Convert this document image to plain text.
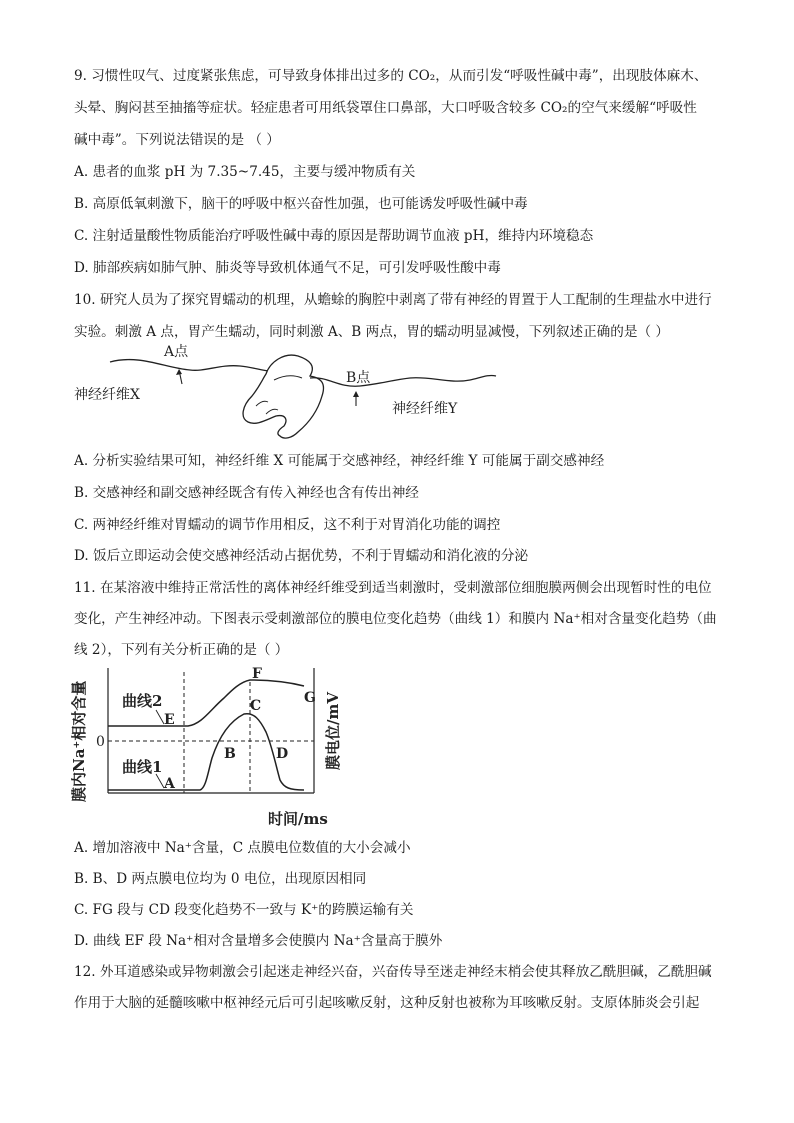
9. 习惯性叹气、过度紧张焦虑，可导致身体排出过多的 CO₂，从而引发“呼吸性碱中毒”，出现肢体麻木、
头晕、胸闷甚至抽搐等症状。轻症患者可用纸袋罩住口鼻部，大口呼吸含较多 CO₂的空气来缓解“呼吸性
碱中毒”。下列说法错误的是 （ ）
A. 患者的血浆 pH 为 7.35~7.45，主要与缓冲物质有关
B. 高原低氧刺激下，脑干的呼吸中枢兴奋性加强，也可能诱发呼吸性碱中毒
C. 注射适量酸性物质能治疗呼吸性碱中毒的原因是帮助调节血液 pH，维持内环境稳态
D. 肺部疾病如肺气肿、肺炎等导致机体通气不足，可引发呼吸性酸中毒
10. 研究人员为了探究胃蠕动的机理，从蟾蜍的胸腔中剥离了带有神经的胃置于人工配制的生理盐水中进行
实验。刺激 A 点，胃产生蠕动，同时刺激 A、B 两点，胃的蠕动明显减慢，下列叙述正确的是（ ）
A点
神经纤维X
B点
神经纤维Y
A. 分析实验结果可知，神经纤维 X 可能属于交感神经，神经纤维 Y 可能属于副交感神经
B. 交感神经和副交感神经既含有传入神经也含有传出神经
C. 两神经纤维对胃蠕动的调节作用相反，这不利于对胃消化功能的调控
D. 饭后立即运动会使交感神经活动占据优势，不利于胃蠕动和消化液的分泌
11. 在某溶液中维持正常活性的离体神经纤维受到适当刺激时，受刺激部位细胞膜两侧会出现暂时性的电位
变化，产生神经冲动。下图表示受刺激部位的膜电位变化趋势（曲线 1）和膜内 Na⁺相对含量变化趋势（曲
线 2），下列有关分析正确的是（ ）
0
曲线2
曲线1
A
B
C
D
E
F
G
膜内Na⁺相对含量	膜电位/mV
时间/ms
A. 增加溶液中 Na⁺含量，C 点膜电位数值的大小会减小
B. B、D 两点膜电位均为 0 电位，出现原因相同
C. FG 段与 CD 段变化趋势不一致与 K⁺的跨膜运输有关
D. 曲线 EF 段 Na⁺相对含量增多会使膜内 Na⁺含量高于膜外
12. 外耳道感染或异物刺激会引起迷走神经兴奋，兴奋传导至迷走神经末梢会使其释放乙酰胆碱，乙酰胆碱
作用于大脑的延髓咳嗽中枢神经元后可引起咳嗽反射，这种反射也被称为耳咳嗽反射。支原体肺炎会引起
